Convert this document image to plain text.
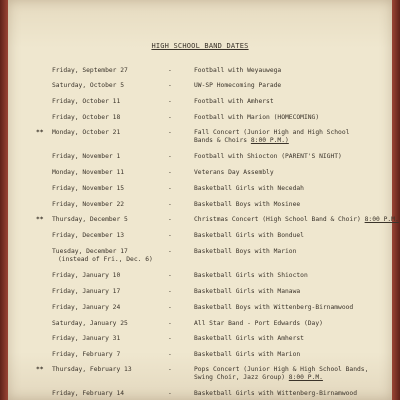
HIGH SCHOOL BAND DATES
Friday, September 27	-	Football with Weyauwega
Saturday, October 5	-	UW-SP Homecoming Parade
Friday, October 11	-	Football with Amherst
Friday, October 18	-	Football with Marion (HOMECOMING)
** Monday, October 21	-	Fall Concert (Junior High and High School
Bands & Choirs 8:00 P.M.)
Friday, November 1	-	Football with Shiocton (PARENT'S NIGHT)
Monday, November 11	-	Veterans Day Assembly
Friday, November 15	-	Basketball Girls with Necedah
Friday, November 22	-	Basketball Boys with Mosinee
** Thursday, December 5	-	Christmas Concert (High School Band & Choir) 8:00 P.M.
Friday, December 13	-	Basketball Girls with Bonduel
Tuesday, December 17
(instead of Fri., Dec. 6)
-	Basketball Boys with Marion
Friday, January 10	-	Basketball Girls with Shiocton
Friday, January 17	-	Basketball Girls with Manawa
Friday, January 24	-	Basketball Boys with Wittenberg-Birnamwood
Saturday, January 25	-	All Star Band - Port Edwards (Day)
Friday, January 31	-	Basketball Girls with Amherst
Friday, February 7	-	Basketball Girls with Marion
** Thursday, February 13	-	Pops Concert (Junior High & High School Bands,
Swing Choir, Jazz Group) 8:00 P.M.
Friday, February 14	-	Basketball Girls with Wittenberg-Birnamwood
